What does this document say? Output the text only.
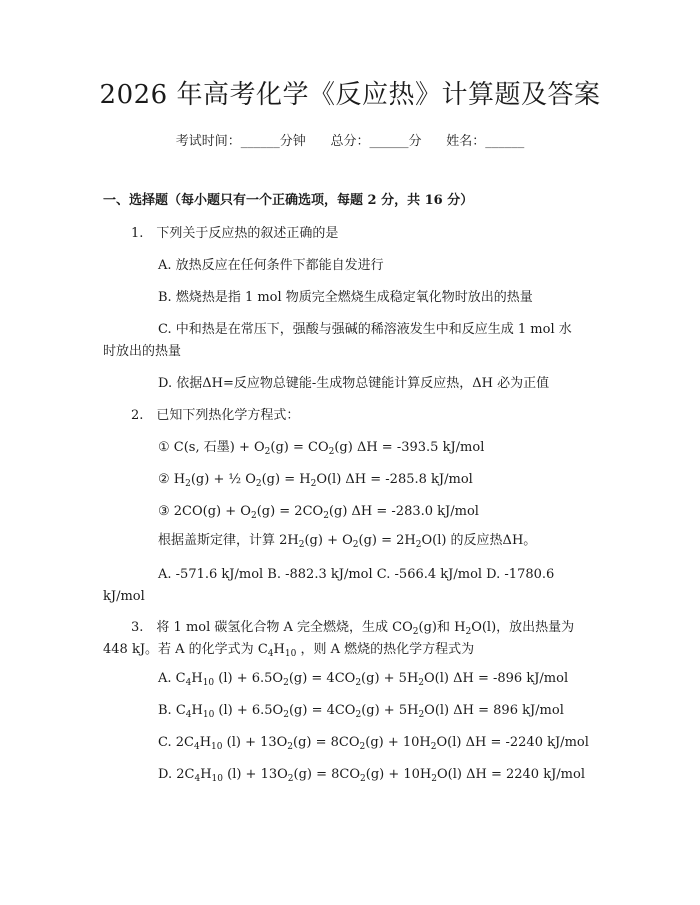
2026 年高考化学《反应热》计算题及答案
考试时间：______分钟      总分：______分      姓名：______
一、选择题（每小题只有一个正确选项，每题 2 分，共 16 分）
1.　下列关于反应热的叙述正确的是
A. 放热反应在任何条件下都能自发进行
B. 燃烧热是指 1 mol 物质完全燃烧生成稳定氧化物时放出的热量
C. 中和热是在常压下，强酸与强碱的稀溶液发生中和反应生成 1 mol 水
时放出的热量
D. 依据ΔH=反应物总键能-生成物总键能计算反应热，ΔH 必为正值
2.　已知下列热化学方程式：
① C(s, 石墨) + $O_2(g) = CO_2(g) \Delta H = -393.5$ kJ/mol
② $H_2(g)$ + ½ $O_2(g) = H_2O(l) \Delta H = -285.8$ kJ/mol
③ $2CO(g) + O_2(g) = 2CO_2(g) \Delta H = -283.0$ kJ/mol
根据盖斯定律，计算 $2H_2(g) + O_2(g) = 2H_2O(l)$ 的反应热ΔH。
A. -571.6 kJ/mol B. -882.3 kJ/mol C. -566.4 kJ/mol D. -1780.6
kJ/mol
3.　将 1 mol 碳氢化合物 A 完全燃烧，生成 $CO_2(g)$和 $H_2O(l)$，放出热量为
448 kJ。若 A 的化学式为 $C_4H_{10}$ ，则 A 燃烧的热化学方程式为
A. $C_4H_{10}$ $(l) + 6.5O_2(g) = 4CO_2(g) + 5H_2O(l) \Delta H = -896$ kJ/mol
B. $C_4H_{10}$ $(l) + 6.5O_2(g) = 4CO_2(g) + 5H_2O(l) \Delta H = 896$ kJ/mol
C. $2C_4H_{10}$ $(l) + 13O_2(g) = 8CO_2(g) + 10H_2O(l) \Delta H = -2240$ kJ/mol
D. $2C_4H_{10}$ $(l) + 13O_2(g) = 8CO_2(g) + 10H_2O(l) \Delta H = 2240$ kJ/mol
